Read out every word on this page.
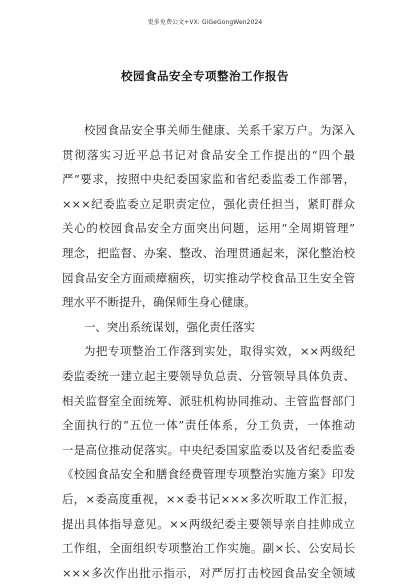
更多免费公文+VX: GiGeGongWen2024
校园食品安全专项整治工作报告
校园食品安全事关师生健康、关系千家万户。为深入
贯彻落实习近平总书记对食品安全工作提出的“四个最
严”要求，按照中央纪委国家监和省纪委监委工作部署，
×××纪委监委立足职责定位，强化责任担当，紧盯群众
关心的校园食品安全方面突出问题，运用“全周期管理”
理念，把监督、办案、整改、治理贯通起来，深化整治校
园食品安全方面顽瘴痼疾，切实推动学校食品卫生安全管
理水平不断提升，确保师生身心健康。
一、突出系统谋划，强化责任落实
为把专项整治工作落到实处，取得实效，××两级纪
委监委统一建立起主要领导负总责、分管领导具体负责、
相关监督室全面统筹、派驻机构协同推动、主管监督部门
全面执行的“五位一体”责任体系，分工负责，一体推动
一是高位推动促落实。中央纪委国家监委以及省纪委监委
《校园食品安全和膳食经费管理专项整治实施方案》印发
后，×委高度重视，××委书记×××多次听取工作汇报，
提出具体指导意见。××两级纪委主要领导亲自挂帅成立
工作组，全面组织专项整治工作实施。副×长、公安局长
×××多次作出批示指示，对严厉打击校园食品安全领域
